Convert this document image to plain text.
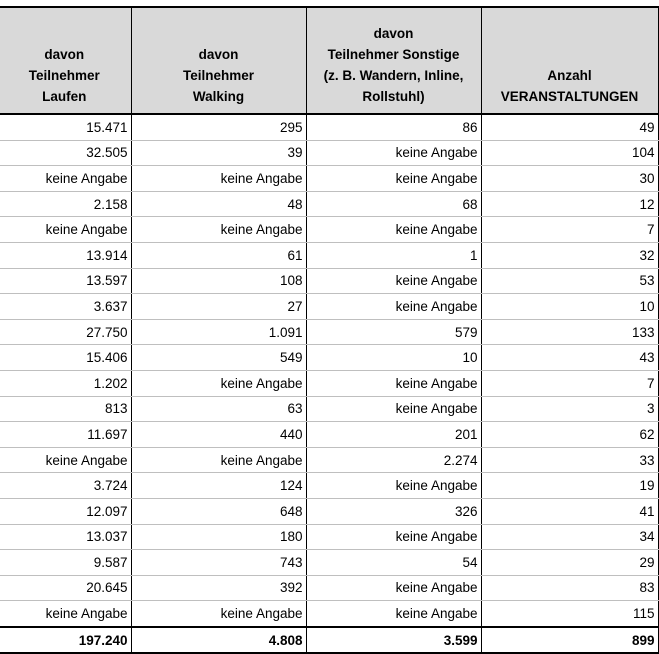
davon
Teilnehmer
Laufen	davon
Teilnehmer
Walking	davon
Teilnehmer Sonstige
(z. B. Wandern, Inline,
Rollstuhl)	Anzahl
VERANSTALTUNGEN
15.471	295	86	49
32.505	39	keine Angabe	104
keine Angabe	keine Angabe	keine Angabe	30
2.158	48	68	12
keine Angabe	keine Angabe	keine Angabe	7
13.914	61	1	32
13.597	108	keine Angabe	53
3.637	27	keine Angabe	10
27.750	1.091	579	133
15.406	549	10	43
1.202	keine Angabe	keine Angabe	7
813	63	keine Angabe	3
11.697	440	201	62
keine Angabe	keine Angabe	2.274	33
3.724	124	keine Angabe	19
12.097	648	326	41
13.037	180	keine Angabe	34
9.587	743	54	29
20.645	392	keine Angabe	83
keine Angabe	keine Angabe	keine Angabe	115
197.240	4.808	3.599	899
